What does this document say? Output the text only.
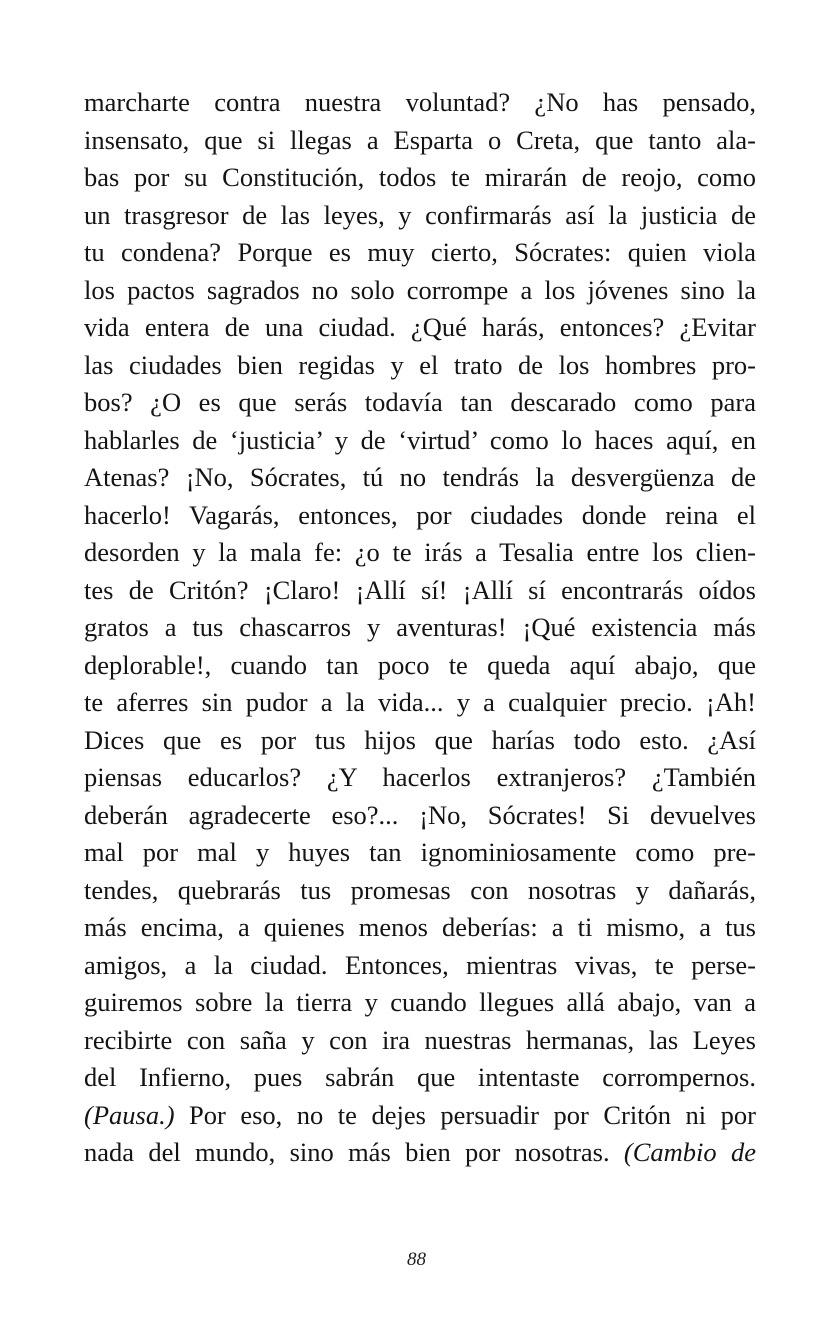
marcharte contra nuestra voluntad? ¿No has pensado,
insensato, que si llegas a Esparta o Creta, que tanto ala-
bas por su Constitución, todos te mirarán de reojo, como
un trasgresor de las leyes, y confirmarás así la justicia de
tu condena? Porque es muy cierto, Sócrates: quien viola
los pactos sagrados no solo corrompe a los jóvenes sino la
vida entera de una ciudad. ¿Qué harás, entonces? ¿Evitar
las ciudades bien regidas y el trato de los hombres pro-
bos? ¿O es que serás todavía tan descarado como para
hablarles de ‘justicia’ y de ‘virtud’ como lo haces aquí, en
Atenas? ¡No, Sócrates, tú no tendrás la desvergüenza de
hacerlo! Vagarás, entonces, por ciudades donde reina el
desorden y la mala fe: ¿o te irás a Tesalia entre los clien-
tes de Critón? ¡Claro! ¡Allí sí! ¡Allí sí encontrarás oídos
gratos a tus chascarros y aventuras! ¡Qué existencia más
deplorable!, cuando tan poco te queda aquí abajo, que
te aferres sin pudor a la vida... y a cualquier precio. ¡Ah!
Dices que es por tus hijos que harías todo esto. ¿Así
piensas educarlos? ¿Y hacerlos extranjeros? ¿También
deberán agradecerte eso?... ¡No, Sócrates! Si devuelves
mal por mal y huyes tan ignominiosamente como pre-
tendes, quebrarás tus promesas con nosotras y dañarás,
más encima, a quienes menos deberías: a ti mismo, a tus
amigos, a la ciudad. Entonces, mientras vivas, te perse-
guiremos sobre la tierra y cuando llegues allá abajo, van a
recibirte con saña y con ira nuestras hermanas, las Leyes
del Infierno, pues sabrán que intentaste corrompernos.
(Pausa.) Por eso, no te dejes persuadir por Critón ni por
nada del mundo, sino más bien por nosotras. (Cambio de
88
